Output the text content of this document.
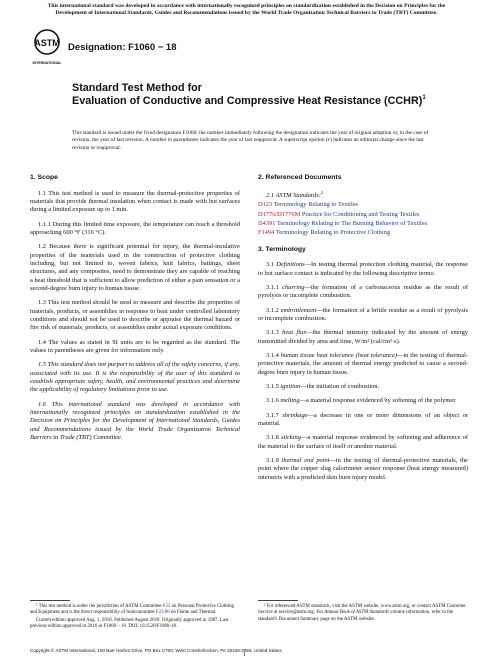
This international standard was developed in accordance with internationally recognized principles on standardization established in the Decision on Principles for the Development of International Standards, Guides and Recommendations issued by the World Trade Organization Technical Barriers to Trade (TBT) Committee.
ASTM
INTERNATIONAL
Designation: F1060 − 18
Standard Test Method for
Evaluation of Conductive and Compressive Heat Resistance (CCHR)$^1$
This standard is issued under the fixed designation F1060; the number immediately following the designation indicates the year of original adoption or, in the case of revision, the year of last revision. A number in parentheses indicates the year of last reapproval. A superscript epsilon (ε) indicates an editorial change since the last revision or reapproval.
1. Scope

1.1 This test method is used to measure the thermal-protective properties of materials that provide thermal insulation when contact is made with hot surfaces during a limited exposure up to 1 min.

1.1.1 During this limited time exposure, the temperature can reach a threshold approaching 600 °F (316 °C).

1.2 Because there is significant potential for injury, the thermal-insulative properties of the materials used in the construction of protective clothing including, but not limited to, woven fabrics, knit fabrics, battings, sheet structures, and any composites, need to demonstrate they are capable of reaching a heat threshold that is sufficient to allow prediction of either a pain sensation or a second-degree burn injury to human tissue.

1.3 This test method should be used to measure and describe the properties of materials, products, or assemblies in response to heat under controlled laboratory conditions and should not be used to describe or appraise the thermal hazard or fire risk of materials, products, or assemblies under actual exposure conditions.

1.4 The values as stated in SI units are to be regarded as the standard. The values in parentheses are given for information only.

1.5 This standard does not purport to address all of the safety concerns, if any, associated with its use. It is the responsibility of the user of this standard to establish appropriate safety, health, and environmental practices and determine the applicability of regulatory limitations prior to use.

1.6 This international standard was developed in accordance with internationally recognized principles on standardization established in the Decision on Principles for the Development of International Standards, Guides and Recommendations issued by the World Trade Organization Technical Barriers to Trade (TBT) Committee.

¹ This test method is under the jurisdiction of ASTM Committee F23 on Personal Protective Clothing and Equipment and is the direct responsibility of Subcommittee F23.80 on Flame and Thermal.

Current edition approved Aug. 1, 2018. Published August 2018. Originally approved in 1987. Last previous edition approved in 2016 as F1060 – 16. DOI: 10.1520/F1060-18.

2. Referenced Documents

2.1 ASTM Standards:$^2$

D123 Terminology Relating to Textiles
D1776/D1776M Practice for Conditioning and Testing Textiles
D4391 Terminology Relating to The Burning Behavior of Textiles
F1494 Terminology Relating to Protective Clothing
3. Terminology

3.1 Definitions—In testing thermal protection clothing material, the response to hot surface contact is indicated by the following descriptive terms:

3.1.1 charring—the formation of a carbonaceous residue as the result of pyrolysis or incomplete combustion.

3.1.2 embrittlement—the formation of a brittle residue as a result of pyrolysis or incomplete combustion.

3.1.3 heat flux—the thermal intensity indicated by the amount of energy transmitted divided by area and time, W/m² (cal/cm²·s).

3.1.4 human tissue heat tolerance (heat tolerance)—in the testing of thermal-protective materials, the amount of thermal energy predicted to cause a second-degree burn injury in human tissue.

3.1.5 ignition—the initiation of combustion.

3.1.6 melting—a material response evidenced by softening of the polymer.

3.1.7 shrinkage—a decrease in one or more dimensions of an object or material.

3.1.8 sticking—a material response evidenced by softening and adherence of the material to the surface of itself or another material.

3.1.9 thermal end point—in the testing of thermal-protective materials, the point where the copper slug calorimeter sensor response (heat energy measured) intersects with a predicted skin burn injury model.

² For referenced ASTM standards, visit the ASTM website, www.astm.org, or contact ASTM Customer Service at service@astm.org. For Annual Book of ASTM Standards volume information, refer to the standard's Document Summary page on the ASTM website.

Copyright © ASTM International, 100 Barr Harbor Drive, PO Box C700, West Conshohocken, PA 19428-2959. United States
1
